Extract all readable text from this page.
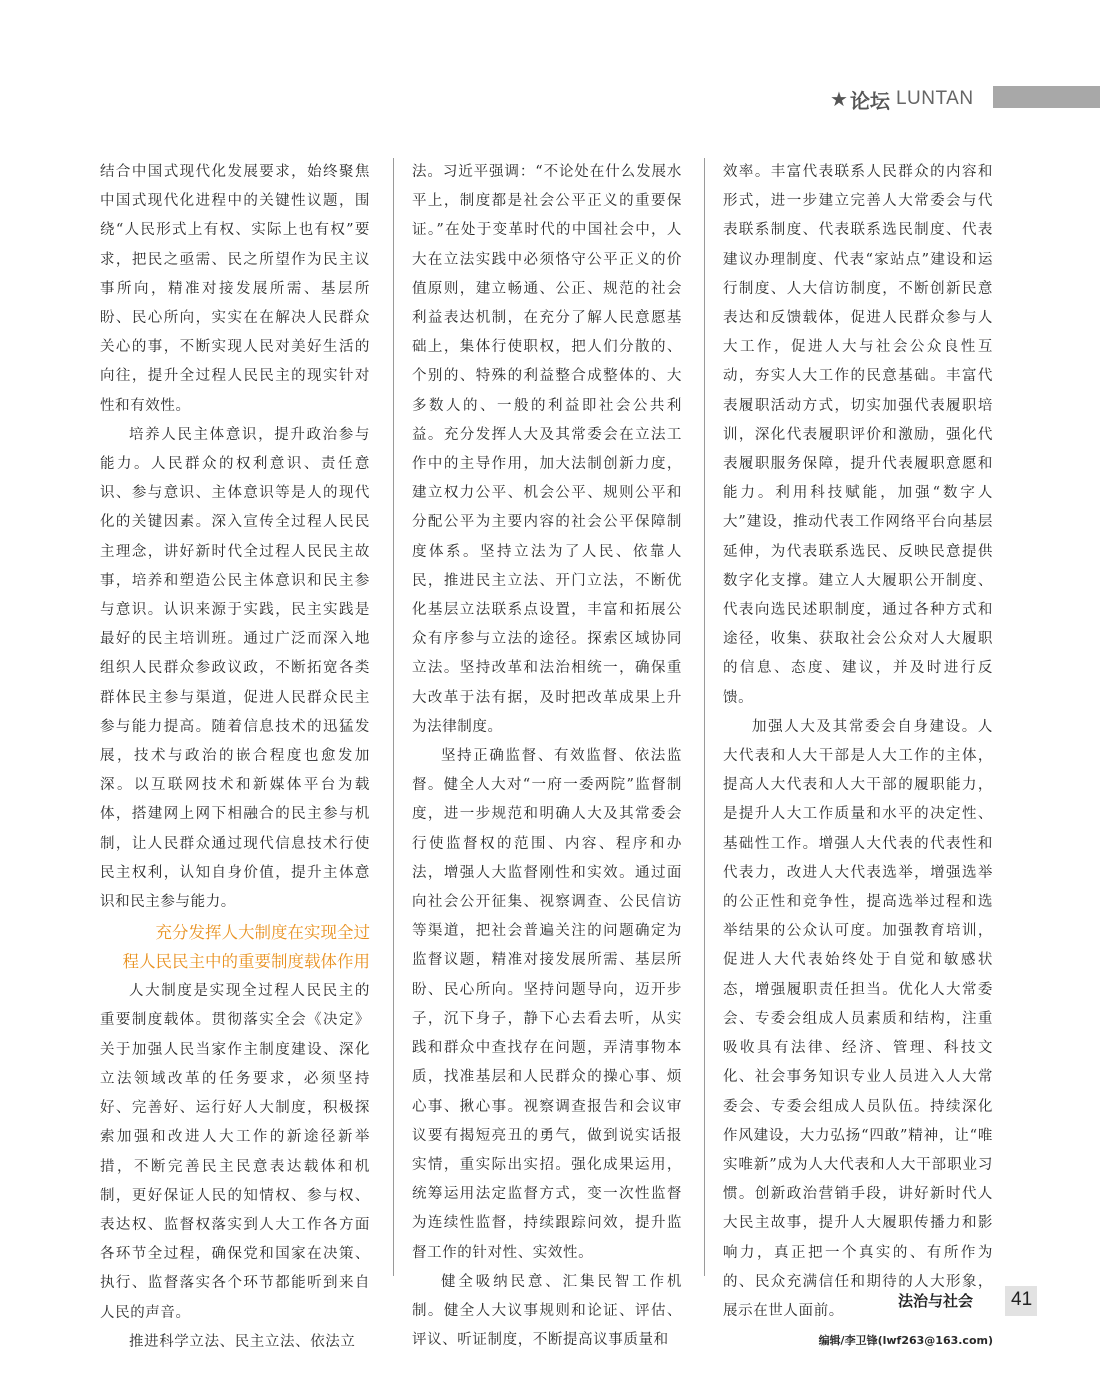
★ 论坛 LUNTAN

结合中国式现代化发展要求，始终聚焦中国式现代化进程中的关键性议题，围绕“人民形式上有权、实际上也有权”要求，把民之亟需、民之所望作为民主议事所向，精准对接发展所需、基层所盼、民心所向，实实在在解决人民群众关心的事，不断实现人民对美好生活的向往，提升全过程人民民主的现实针对性和有效性。

培养人民主体意识，提升政治参与能力。人民群众的权利意识、责任意识、参与意识、主体意识等是人的现代化的关键因素。深入宣传全过程人民民主理念，讲好新时代全过程人民民主故事，培养和塑造公民主体意识和民主参与意识。认识来源于实践，民主实践是最好的民主培训班。通过广泛而深入地组织人民群众参政议政，不断拓宽各类群体民主参与渠道，促进人民群众民主参与能力提高。随着信息技术的迅猛发展，技术与政治的嵌合程度也愈发加深。以互联网技术和新媒体平台为载体，搭建网上网下相融合的民主参与机制，让人民群众通过现代信息技术行使民主权利，认知自身价值，提升主体意识和民主参与能力。

充分发挥人大制度在实现全过
程人民民主中的重要制度载体作用

人大制度是实现全过程人民民主的重要制度载体。贯彻落实全会《决定》关于加强人民当家作主制度建设、深化立法领域改革的任务要求，必须坚持好、完善好、运行好人大制度，积极探索加强和改进人大工作的新途径新举措，不断完善民主民意表达载体和机制，更好保证人民的知情权、参与权、表达权、监督权落实到人大工作各方面各环节全过程，确保党和国家在决策、执行、监督落实各个环节都能听到来自人民的声音。

推进科学立法、民主立法、依法立

法。习近平强调：“不论处在什么发展水平上，制度都是社会公平正义的重要保证。”在处于变革时代的中国社会中，人大在立法实践中必须恪守公平正义的价值原则，建立畅通、公正、规范的社会利益表达机制，在充分了解人民意愿基础上，集体行使职权，把人们分散的、个别的、特殊的利益整合成整体的、大多数人的、一般的利益即社会公共利益。充分发挥人大及其常委会在立法工作中的主导作用，加大法制创新力度，建立权力公平、机会公平、规则公平和分配公平为主要内容的社会公平保障制度体系。坚持立法为了人民、依靠人民，推进民主立法、开门立法，不断优化基层立法联系点设置，丰富和拓展公众有序参与立法的途径。探索区域协同立法。坚持改革和法治相统一，确保重大改革于法有据，及时把改革成果上升为法律制度。

坚持正确监督、有效监督、依法监督。健全人大对“一府一委两院”监督制度，进一步规范和明确人大及其常委会行使监督权的范围、内容、程序和办法，增强人大监督刚性和实效。通过面向社会公开征集、视察调查、公民信访等渠道，把社会普遍关注的问题确定为监督议题，精准对接发展所需、基层所盼、民心所向。坚持问题导向，迈开步子，沉下身子，静下心去看去听，从实践和群众中查找存在问题，弄清事物本质，找准基层和人民群众的操心事、烦心事、揪心事。视察调查报告和会议审议要有揭短亮丑的勇气，做到说实话报实情，重实际出实招。强化成果运用，统筹运用法定监督方式，变一次性监督为连续性监督，持续跟踪问效，提升监督工作的针对性、实效性。

健全吸纳民意、汇集民智工作机制。健全人大议事规则和论证、评估、评议、听证制度，不断提高议事质量和

效率。丰富代表联系人民群众的内容和形式，进一步建立完善人大常委会与代表联系制度、代表联系选民制度、代表建议办理制度、代表“家站点”建设和运行制度、人大信访制度，不断创新民意表达和反馈载体，促进人民群众参与人大工作，促进人大与社会公众良性互动，夯实人大工作的民意基础。丰富代表履职活动方式，切实加强代表履职培训，深化代表履职评价和激励，强化代表履职服务保障，提升代表履职意愿和能力。利用科技赋能，加强“数字人大”建设，推动代表工作网络平台向基层延伸，为代表联系选民、反映民意提供数字化支撑。建立人大履职公开制度、代表向选民述职制度，通过各种方式和途径，收集、获取社会公众对人大履职的信息、态度、建议，并及时进行反馈。

加强人大及其常委会自身建设。人大代表和人大干部是人大工作的主体，提高人大代表和人大干部的履职能力，是提升人大工作质量和水平的决定性、基础性工作。增强人大代表的代表性和代表力，改进人大代表选举，增强选举的公正性和竞争性，提高选举过程和选举结果的公众认可度。加强教育培训，促进人大代表始终处于自觉和敏感状态，增强履职责任担当。优化人大常委会、专委会组成人员素质和结构，注重吸收具有法律、经济、管理、科技文化、社会事务知识专业人员进入人大常委会、专委会组成人员队伍。持续深化作风建设，大力弘扬“四敢”精神，让“唯实唯新”成为人大代表和人大干部职业习惯。创新政治营销手段，讲好新时代人大民主故事，提升人大履职传播力和影响力，真正把一个真实的、有所作为的、民众充满信任和期待的人大形象，展示在世人面前。

编辑/李卫锋(lwf263@163.com)
法治与社会 41
